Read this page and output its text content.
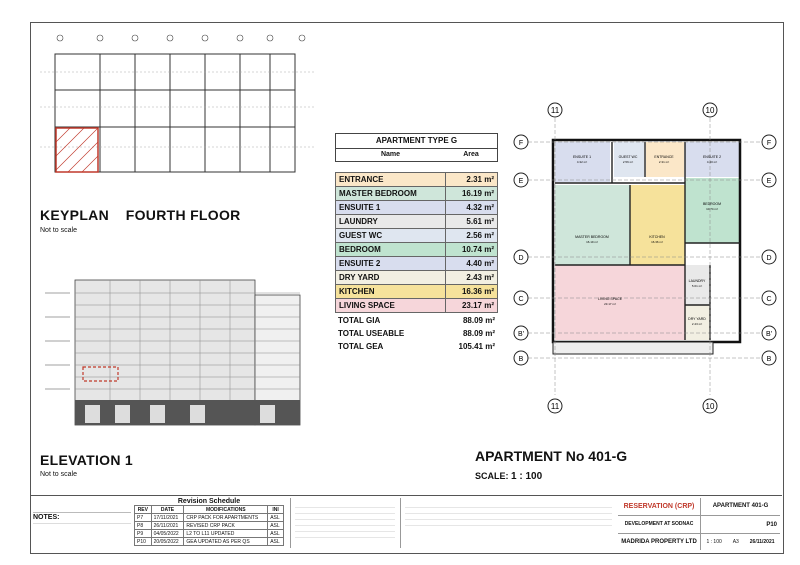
KEYPLAN FOURTH FLOOR
Not to scale
ELEVATION 1
Not to scale
APARTMENT TYPE G
Name	Area
ENTRANCE	2.31 m²
MASTER BEDROOM	16.19 m²
ENSUITE 1	4.32 m²
LAUNDRY	5.61 m²
GUEST WC	2.56 m²
BEDROOM	10.74 m²
ENSUITE 2	4.40 m²
DRY YARD	2.43 m²
KITCHEN	16.36 m²
LIVING SPACE	23.17 m²
TOTAL GIA	88.09 m²
TOTAL USEABLE	88.09 m²
TOTAL GEA	105.41 m²
11
11
10
10
F	F
E	E
D	D
C	C
B'	B'
B	B
ENSUITE 1
4.32 m²
GUEST WC
2.56 m²
ENTRANCE
2.31 m²
ENSUITE 2
4.40 m²
BEDROOM
10.74 m²
MASTER BEDROOM
16.19 m²
KITCHEN
16.36 m²
LIVING SPACE
23.17 m²
LAUNDRY
5.61 m²
DRY YARD
2.43 m²
APARTMENT No 401-G
SCALE: 1 : 100
NOTES:
Revision Schedule
REV	DATE	MODIFICATIONS	INI
P7	17/11/2021	CRP PACK FOR APARTMENTS	ASL
P8	26/11/2021	REVISED CRP PACK	ASL
P9	04/05/2022	L2 TO L11 UPDATED	ASL
P10	20/05/2022	GEA UPDATED AS PER QS	ASL
RESERVATION (CRP)	APARTMENT 401-G
DEVELOPMENT AT SODNAC
	P10
MADRIDA PROPERTY LTD	1 : 100 A3 26/11/2021
